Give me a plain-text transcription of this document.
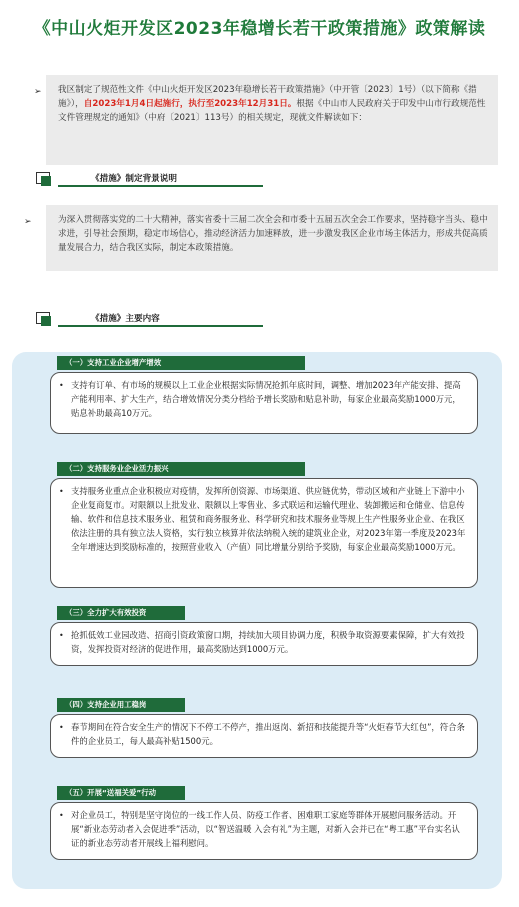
《中山火炬开发区2023年稳增长若干政策措施》政策解读
➢ 我区制定了规范性文件《中山火炬开发区2023年稳增长若干政策措施》（中开管〔2023〕1号）（以下简称《措施》），自2023年1月4日起施行，执行至2023年12月31日。根据《中山市人民政府关于印发中山市行政规范性文件管理规定的通知》（中府〔2021〕113号）的相关规定，现就文件解读如下：
《措施》制定背景说明
➢	为深入贯彻落实党的二十大精神，落实省委十三届二次全会和市委十五届五次全会工作要求，坚持稳字当头、稳中求进，引导社会预期，稳定市场信心，推动经济活力加速释放，进一步激发我区企业市场主体活力，形成共促高质量发展合力，结合我区实际，制定本政策措施。
《措施》主要内容
（一）支持工业企业增产增效
• 支持有订单、有市场的规模以上工业企业根据实际情况抢抓年底时间，调整、增加2023年产能安排、提高产能利用率、扩大生产，结合增效情况分类分档给予增长奖励和贴息补助，每家企业最高奖励1000万元，贴息补助最高10万元。
（二）支持服务业企业活力振兴
• 支持服务业重点企业积极应对疫情，发挥所创资源、市场渠道、供应链优势，带动区域和产业链上下游中小企业复商复市。对限额以上批发业、限额以上零售业、多式联运和运输代理业、装卸搬运和仓储业、信息传输、软件和信息技术服务业、租赁和商务服务业、科学研究和技术服务业等规上生产性服务业企业、在我区依法注册的具有独立法人资格，实行独立核算并依法纳税入统的建筑业企业，对2023年第一季度及2023年全年增速达到奖励标准的，按照营业收入（产值）同比增量分别给予奖励，每家企业最高奖励1000万元。
（三）全力扩大有效投资
• 抢抓低效工业园改造、招商引资政策窗口期，持续加大项目协调力度，积极争取资源要素保障，扩大有效投资，发挥投资对经济的促进作用，最高奖励达到1000万元。
（四）支持企业用工稳岗
• 春节期间在符合安全生产的情况下不停工不停产，推出返岗、新招和技能提升等“火炬春节大红包”，符合条件的企业员工，每人最高补贴1500元。
（五）开展“送福关爱”行动
• 对企业员工，特别是坚守岗位的一线工作人员、防疫工作者、困难职工家庭等群体开展慰问服务活动。开展“新业态劳动者入会促进季”活动，以“智送温暖 入会有礼”为主题，对新入会并已在“粤工惠”平台实名认证的新业态劳动者开展线上福利慰问。
